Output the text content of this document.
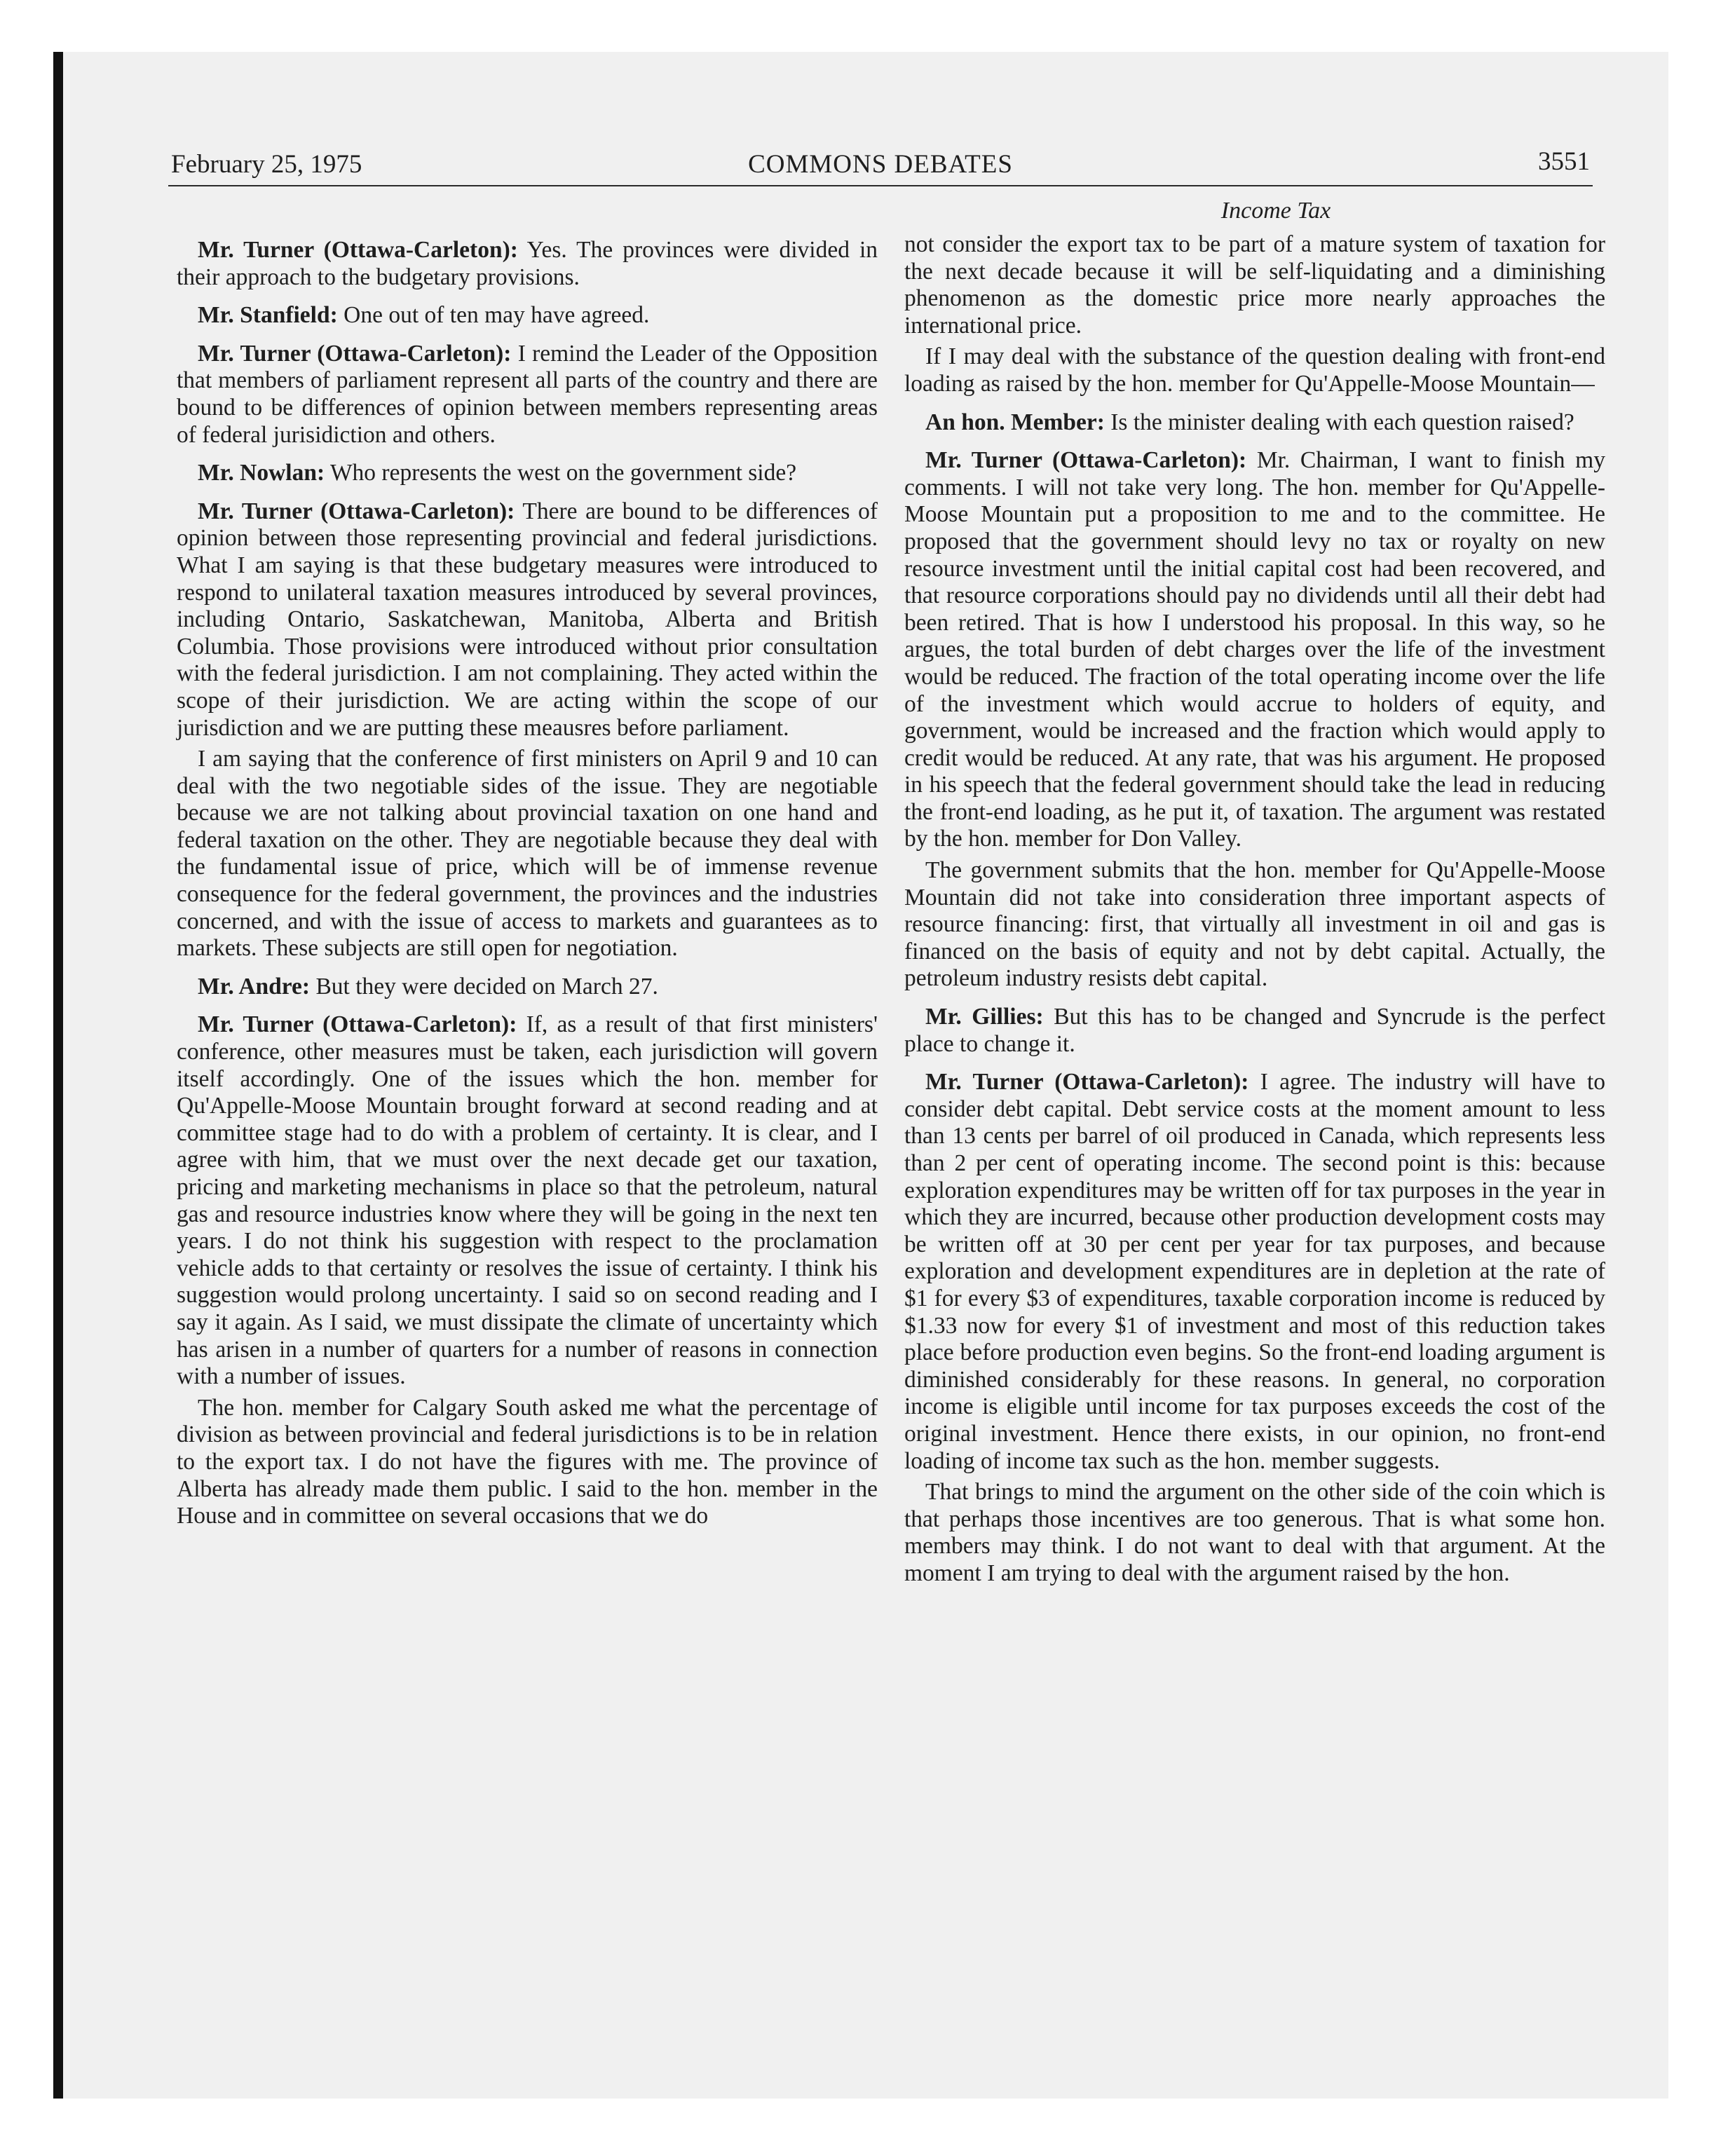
February 25, 1975	COMMONS DEBATES	3551
Income Tax

Mr. Turner (Ottawa-Carleton): Yes. The provinces were divided in their approach to the budgetary provisions.

Mr. Stanfield: One out of ten may have agreed.

Mr. Turner (Ottawa-Carleton): I remind the Leader of the Opposition that members of parliament represent all parts of the country and there are bound to be differences of opinion between members representing areas of federal jurisidiction and others.

Mr. Nowlan: Who represents the west on the government side?

Mr. Turner (Ottawa-Carleton): There are bound to be differences of opinion between those representing provincial and federal jurisdictions. What I am saying is that these budgetary measures were introduced to respond to unilateral taxation measures introduced by several provinces, including Ontario, Saskatchewan, Manitoba, Alberta and British Columbia. Those provisions were introduced without prior consultation with the federal jurisdiction. I am not complaining. They acted within the scope of their jurisdiction. We are acting within the scope of our jurisdiction and we are putting these meausres before parliament.

I am saying that the conference of first ministers on April 9 and 10 can deal with the two negotiable sides of the issue. They are negotiable because we are not talking about provincial taxation on one hand and federal taxation on the other. They are negotiable because they deal with the fundamental issue of price, which will be of immense revenue consequence for the federal government, the provinces and the industries concerned, and with the issue of access to markets and guarantees as to markets. These subjects are still open for negotiation.

Mr. Andre: But they were decided on March 27.

Mr. Turner (Ottawa-Carleton): If, as a result of that first ministers' conference, other measures must be taken, each jurisdiction will govern itself accordingly. One of the issues which the hon. member for Qu'Appelle-Moose Mountain brought forward at second reading and at committee stage had to do with a problem of certainty. It is clear, and I agree with him, that we must over the next decade get our taxation, pricing and marketing mechanisms in place so that the petroleum, natural gas and resource industries know where they will be going in the next ten years. I do not think his suggestion with respect to the proclamation vehicle adds to that certainty or resolves the issue of certainty. I think his suggestion would prolong uncertainty. I said so on second reading and I say it again. As I said, we must dissipate the climate of uncertainty which has arisen in a number of quarters for a number of reasons in connection with a number of issues.

The hon. member for Calgary South asked me what the percentage of division as between provincial and federal jurisdictions is to be in relation to the export tax. I do not have the figures with me. The province of Alberta has already made them public. I said to the hon. member in the House and in committee on several occasions that we do

not consider the export tax to be part of a mature system of taxation for the next decade because it will be self-liquidating and a diminishing phenomenon as the domestic price more nearly approaches the international price.

If I may deal with the substance of the question dealing with front-end loading as raised by the hon. member for Qu'Appelle-Moose Mountain—

An hon. Member: Is the minister dealing with each question raised?

Mr. Turner (Ottawa-Carleton): Mr. Chairman, I want to finish my comments. I will not take very long. The hon. member for Qu'Appelle-Moose Mountain put a proposition to me and to the committee. He proposed that the government should levy no tax or royalty on new resource investment until the initial capital cost had been recovered, and that resource corporations should pay no dividends until all their debt had been retired. That is how I understood his proposal. In this way, so he argues, the total burden of debt charges over the life of the investment would be reduced. The fraction of the total operating income over the life of the investment which would accrue to holders of equity, and government, would be increased and the fraction which would apply to credit would be reduced. At any rate, that was his argument. He proposed in his speech that the federal government should take the lead in reducing the front-end loading, as he put it, of taxation. The argument was restated by the hon. member for Don Valley.

The government submits that the hon. member for Qu'Appelle-Moose Mountain did not take into consideration three important aspects of resource financing: first, that virtually all investment in oil and gas is financed on the basis of equity and not by debt capital. Actually, the petroleum industry resists debt capital.

Mr. Gillies: But this has to be changed and Syncrude is the perfect place to change it.

Mr. Turner (Ottawa-Carleton): I agree. The industry will have to consider debt capital. Debt service costs at the moment amount to less than 13 cents per barrel of oil produced in Canada, which represents less than 2 per cent of operating income. The second point is this: because exploration expenditures may be written off for tax purposes in the year in which they are incurred, because other production development costs may be written off at 30 per cent per year for tax purposes, and because exploration and development expenditures are in depletion at the rate of $1 for every $3 of expenditures, taxable corporation income is reduced by $1.33 now for every $1 of investment and most of this reduction takes place before production even begins. So the front-end loading argument is diminished considerably for these reasons. In general, no corporation income is eligible until income for tax purposes exceeds the cost of the original investment. Hence there exists, in our opinion, no front-end loading of income tax such as the hon. member suggests.

That brings to mind the argument on the other side of the coin which is that perhaps those incentives are too generous. That is what some hon. members may think. I do not want to deal with that argument. At the moment I am trying to deal with the argument raised by the hon.
